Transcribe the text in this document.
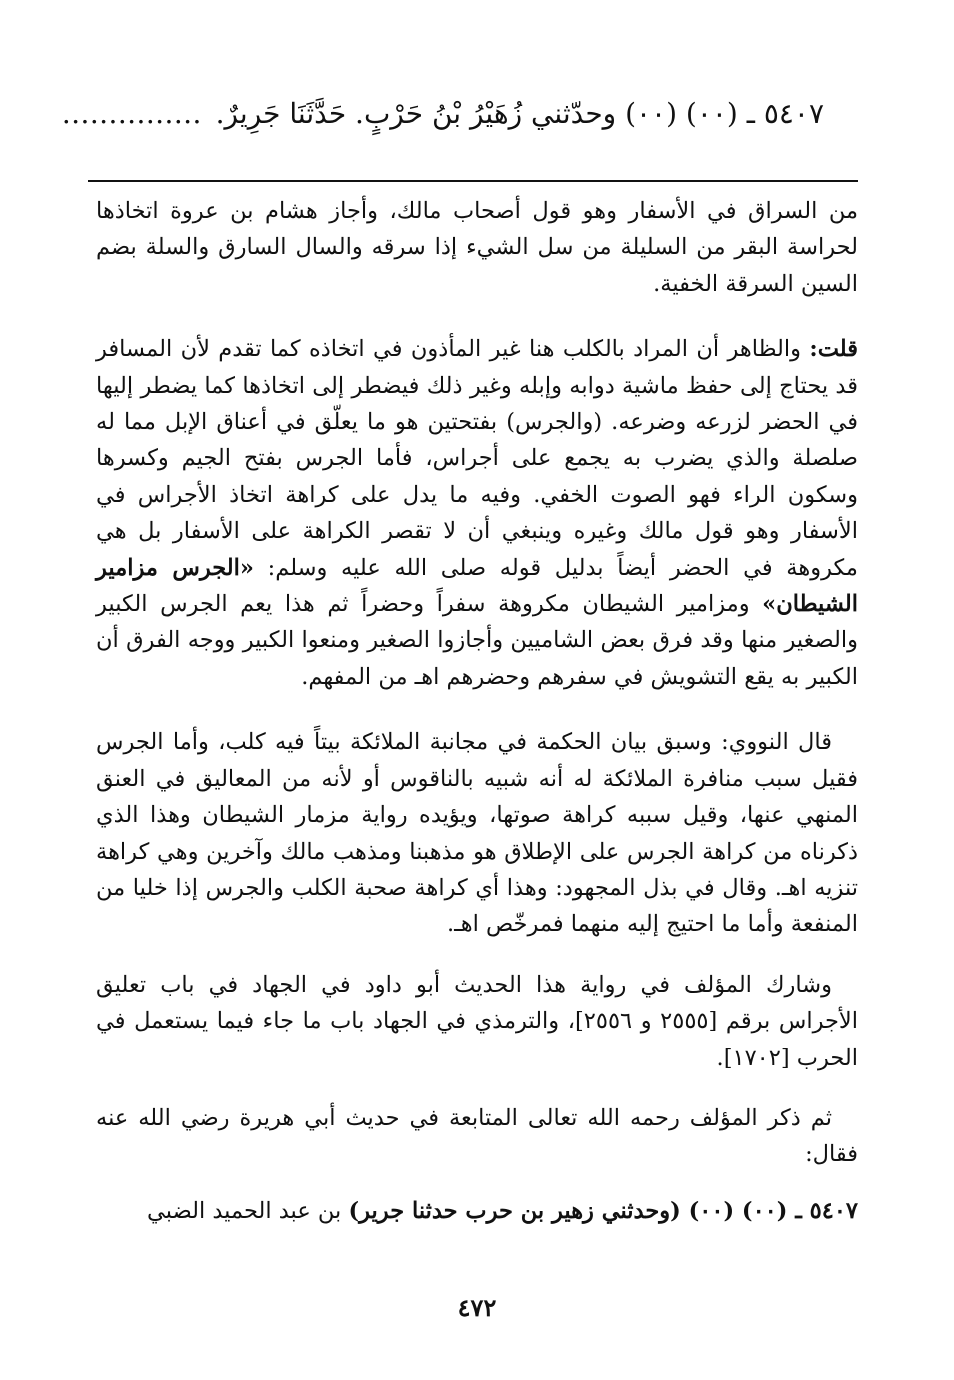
٥٤٠٧ ـ (٠٠) (٠٠) وحدّثني زُهَيْرُ بْنُ حَرْبٍ. حَدَّثَنَا جَرِيرٌ.……………

من السراق في الأسفار وهو قول أصحاب مالك، وأجاز هشام بن عروة اتخاذها لحراسة البقر من السليلة من سل الشيء إذا سرقه والسال السارق والسلة بضم السين السرقة الخفية.

قلت: والظاهر أن المراد بالكلب هنا غير المأذون في اتخاذه كما تقدم لأن المسافر قد يحتاج إلى حفظ ماشية دوابه وإبله وغير ذلك فيضطر إلى اتخاذها كما يضطر إليها في الحضر لزرعه وضرعه. (والجرس) بفتحتين هو ما يعلّق في أعناق الإبل مما له صلصلة والذي يضرب به يجمع على أجراس، فأما الجرس بفتح الجيم وكسرها وسكون الراء فهو الصوت الخفي. وفيه ما يدل على كراهة اتخاذ الأجراس في الأسفار وهو قول مالك وغيره وينبغي أن لا تقصر الكراهة على الأسفار بل هي مكروهة في الحضر أيضاً بدليل قوله صلى الله عليه وسلم: «الجرس مزامير الشيطان» ومزامير الشيطان مكروهة سفراً وحضراً ثم هذا يعم الجرس الكبير والصغير منها وقد فرق بعض الشاميين وأجازوا الصغير ومنعوا الكبير ووجه الفرق أن الكبير به يقع التشويش في سفرهم وحضرهم اهـ من المفهم.

قال النووي: وسبق بيان الحكمة في مجانبة الملائكة بيتاً فيه كلب، وأما الجرس فقيل سبب منافرة الملائكة له أنه شبيه بالناقوس أو لأنه من المعاليق في العنق المنهي عنها، وقيل سببه كراهة صوتها، ويؤيده رواية مزمار الشيطان وهذا الذي ذكرناه من كراهة الجرس على الإطلاق هو مذهبنا ومذهب مالك وآخرين وهي كراهة تنزيه اهـ. وقال في بذل المجهود: وهذا أي كراهة صحبة الكلب والجرس إذا خليا من المنفعة وأما ما احتيج إليه منهما فمرخّص اهـ.

وشارك المؤلف في رواية هذا الحديث أبو داود في الجهاد في باب تعليق الأجراس برقم [٢٥٥٥ و ٢٥٥٦]، والترمذي في الجهاد باب ما جاء فيما يستعمل في الحرب [١٧٠٢].

ثم ذكر المؤلف رحمه الله تعالى المتابعة في حديث أبي هريرة رضي الله عنه فقال:

٥٤٠٧ ـ (٠٠) (٠٠) (وحدثني زهير بن حرب حدثنا جرير) بن عبد الحميد الضبي

٤٧٢
